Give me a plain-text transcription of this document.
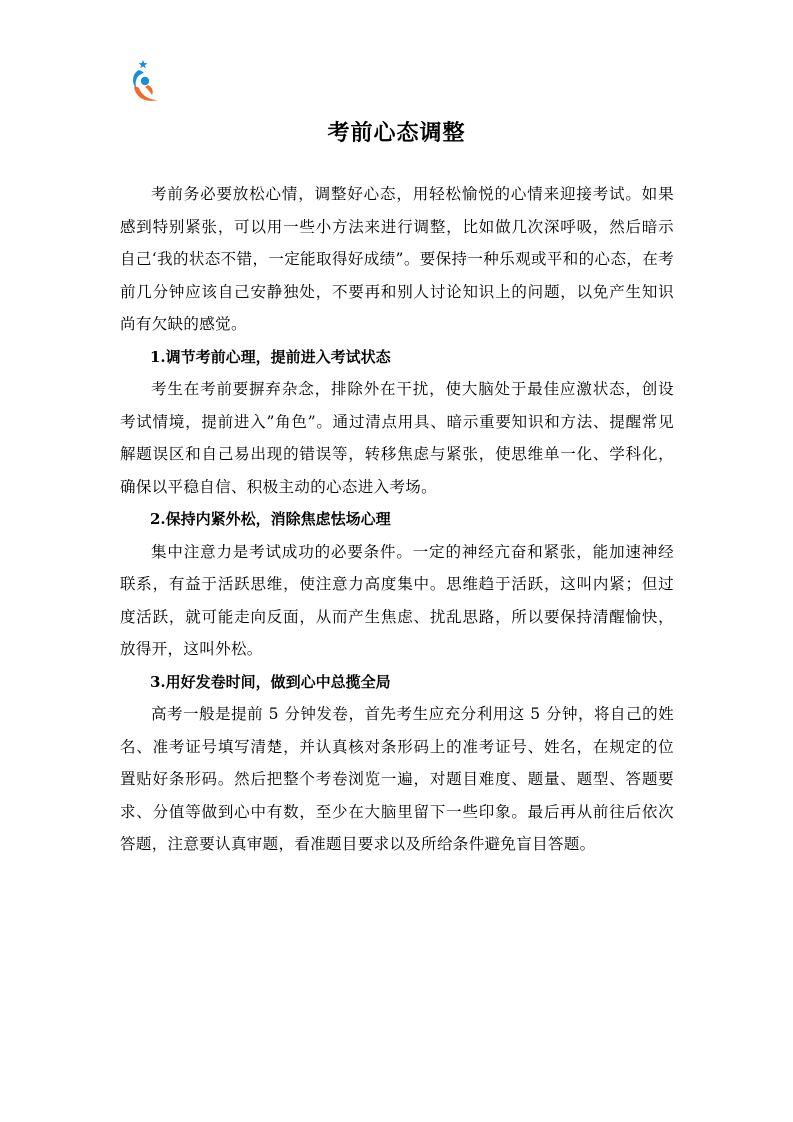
考前心态调整

考前务必要放松心情，调整好心态，用轻松愉悦的心情来迎接考试。如果感到特别紧张，可以用一些小方法来进行调整，比如做几次深呼吸，然后暗示自己‘我的状态不错，一定能取得好成绩”。要保持一种乐观或平和的心态，在考前几分钟应该自己安静独处，不要再和别人讨论知识上的问题，以免产生知识尚有欠缺的感觉。

1.调节考前心理，提前进入考试状态

考生在考前要摒弃杂念，排除外在干扰，使大脑处于最佳应激状态，创设考试情境，提前进入”角色”。通过清点用具、暗示重要知识和方法、提醒常见解题误区和自己易出现的错误等，转移焦虑与紧张，使思维单一化、学科化，确保以平稳自信、积极主动的心态进入考场。

2.保持内紧外松，消除焦虑怯场心理

集中注意力是考试成功的必要条件。一定的神经亢奋和紧张，能加速神经联系，有益于活跃思维，使注意力高度集中。思维趋于活跃，这叫内紧；但过度活跃，就可能走向反面，从而产生焦虑、扰乱思路，所以要保持清醒愉快，放得开，这叫外松。

3.用好发卷时间，做到心中总揽全局

高考一般是提前 5 分钟发卷，首先考生应充分利用这 5 分钟，将自己的姓名、准考证号填写清楚，并认真核对条形码上的准考证号、姓名，在规定的位置贴好条形码。然后把整个考卷浏览一遍，对题目难度、题量、题型、答题要求、分值等做到心中有数，至少在大脑里留下一些印象。最后再从前往后依次答题，注意要认真审题，看准题目要求以及所给条件避免盲目答题。
